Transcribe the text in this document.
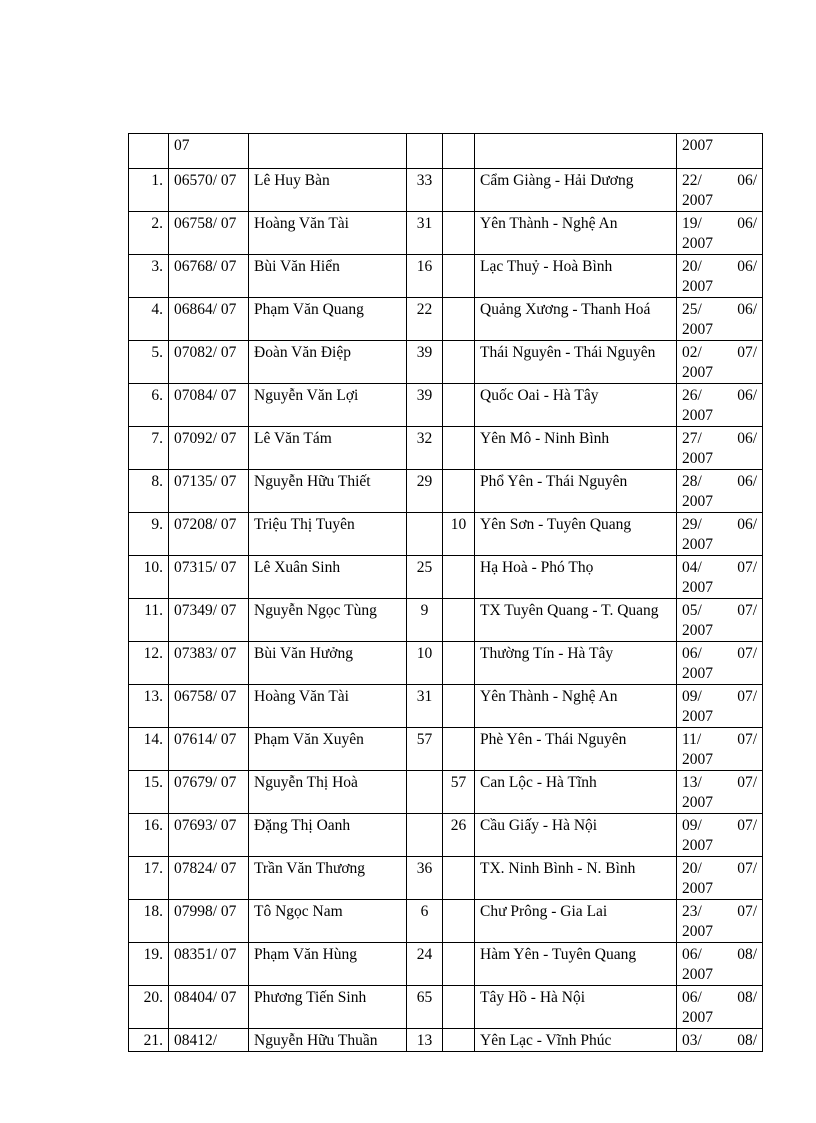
	07					2007

1.	06570/ 07	Lê Huy Bàn	33		Cẩm Giàng - Hải Dương	22/ 06/
2007

2.	06758/ 07	Hoàng Văn Tài	31		Yên Thành - Nghệ An	19/ 06/
2007

3.	06768/ 07	Bùi Văn Hiển	16		Lạc Thuỷ - Hoà Bình	20/ 06/
2007

4.	06864/ 07	Phạm Văn Quang	22		Quảng Xương - Thanh Hoá	25/ 06/
2007

5.	07082/ 07	Đoàn Văn Điệp	39		Thái Nguyên - Thái Nguyên	02/ 07/
2007

6.	07084/ 07	Nguyễn Văn Lợi	39		Quốc Oai - Hà Tây	26/ 06/
2007

7.	07092/ 07	Lê Văn Tám	32		Yên Mô - Ninh Bình	27/ 06/
2007

8.	07135/ 07	Nguyễn Hữu Thiết	29		Phổ Yên - Thái Nguyên	28/ 06/
2007

9.	07208/ 07	Triệu Thị Tuyên		10	Yên Sơn - Tuyên Quang	29/ 06/
2007

10.	07315/ 07	Lê Xuân Sinh	25		Hạ Hoà - Phó Thọ	04/ 07/
2007

11.	07349/ 07	Nguyễn Ngọc Tùng	9		TX Tuyên Quang - T. Quang	05/ 07/
2007

12.	07383/ 07	Bùi Văn Hưởng	10		Thường Tín - Hà Tây	06/ 07/
2007

13.	06758/ 07	Hoàng Văn Tài	31		Yên Thành - Nghệ An	09/ 07/
2007

14.	07614/ 07	Phạm Văn Xuyên	57		Phè Yên - Thái Nguyên	11/ 07/
2007

15.	07679/ 07	Nguyễn Thị Hoà		57	Can Lộc - Hà Tĩnh	13/ 07/
2007

16.	07693/ 07	Đặng Thị Oanh		26	Cầu Giấy - Hà Nội	09/ 07/
2007

17.	07824/ 07	Trần Văn Thương	36		TX. Ninh Bình - N. Bình	20/ 07/
2007

18.	07998/ 07	Tô Ngọc Nam	6		Chư Prông - Gia Lai	23/ 07/
2007

19.	08351/ 07	Phạm Văn Hùng	24		Hàm Yên - Tuyên Quang	06/ 08/
2007

20.	08404/ 07	Phương Tiến Sinh	65		Tây Hồ - Hà Nội	06/ 08/
2007

21.	08412/	Nguyễn Hữu Thuần	13		Yên Lạc - Vĩnh Phúc	03/ 08/
